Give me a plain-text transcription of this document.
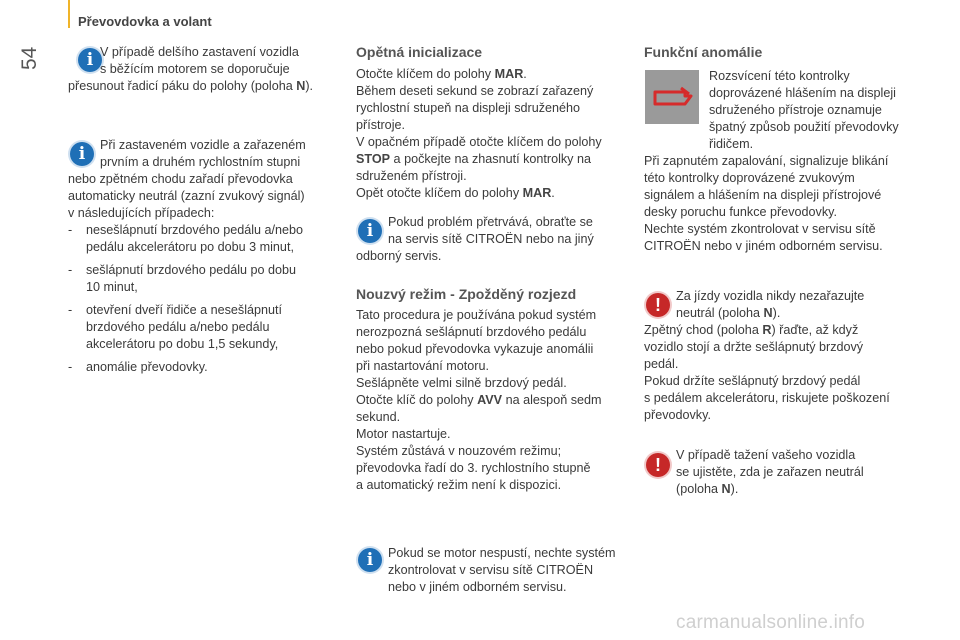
54
Převovdovka a volant
i V případě delšího zastavení vozidla

s běžícím motorem se doporučuje

přesunout řadicí páku do polohy (poloha N).

i	Při zastaveném vozidle a zařazeném

prvním a druhém rychlostním stupni

nebo zpětném chodu zařadí převodovka

automaticky neutrál (zazní zvukový signál)

v následujících případech:

- nesešlápnutí brzdového pedálu a/nebo

pedálu akcelerátoru po dobu 3 minut,

- sešlápnutí brzdového pedálu po dobu

10 minut,

- otevření dveří řidiče a nesešlápnutí

brzdového pedálu a/nebo pedálu

akcelerátoru po dobu 1,5 sekundy,

- anomálie převodovky.

Opětná inicializace

Otočte klíčem do polohy MAR.

Během deseti sekund se zobrazí zařazený

rychlostní stupeň na displeji sdruženého

přístroje.

V opačném případě otočte klíčem do polohy

STOP a počkejte na zhasnutí kontrolky na

sdruženém přístroji.

Opět otočte klíčem do polohy MAR.

i	Pokud problém přetrvává, obraťte se

na servis sítě CITROËN nebo na jiný

odborný servis.

Nouzvý režim - Zpožděný rozjezd

Tato procedura je používána pokud systém

nerozpozná sešlápnutí brzdového pedálu

nebo pokud převodovka vykazuje anomálii

při nastartování motoru.

Sešlápněte velmi silně brzdový pedál.

Otočte klíč do polohy AVV na alespoň sedm

sekund.

Motor nastartuje.

Systém zůstává v nouzovém režimu;

převodovka řadí do 3. rychlostního stupně

a automatický režim není k dispozici.

i	Pokud se motor nespustí, nechte systém

zkontrolovat v servisu sítě CITROËN

nebo v jiném odborném servisu.

Funkční anomálie

Rozsvícení této kontrolky

doprovázené hlášením na displeji

sdruženého přístroje oznamuje

špatný způsob použití převodovky

řidičem.

Při zapnutém zapalování, signalizuje blikání

této kontrolky doprovázené zvukovým

signálem a hlášením na displeji přístrojové

desky poruchu funkce převodovky.

Nechte systém zkontrolovat v servisu sítě

CITROËN nebo v jiném odborném servisu.

!	Za jízdy vozidla nikdy nezařazujte

neutrál (poloha N).

Zpětný chod (poloha R) řaďte, až když

vozidlo stojí a držte sešlápnutý brzdový

pedál.

Pokud držíte sešlápnutý brzdový pedál

s pedálem akcelerátoru, riskujete poškození

převodovky.

!	V případě tažení vašeho vozidla

se ujistěte, zda je zařazen neutrál

(poloha N).

carmanualsonline.info
